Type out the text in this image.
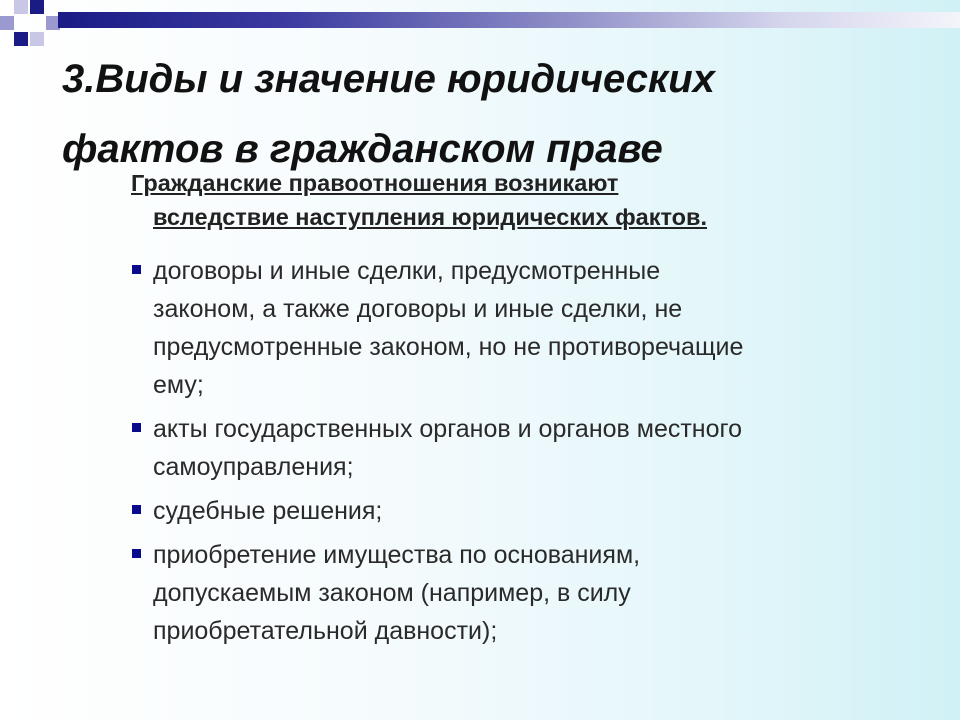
3.Виды и значение юридических
фактов в гражданском праве
Гражданские правоотношения возникают
вследствие наступления юридических фактов.
договоры и иные сделки, предусмотренные
законом, а также договоры и иные сделки, не
предусмотренные законом, но не противоречащие
ему;
акты государственных органов и органов местного
самоуправления;
судебные решения;
приобретение имущества по основаниям,
допускаемым законом (например, в силу
приобретательной давности);
